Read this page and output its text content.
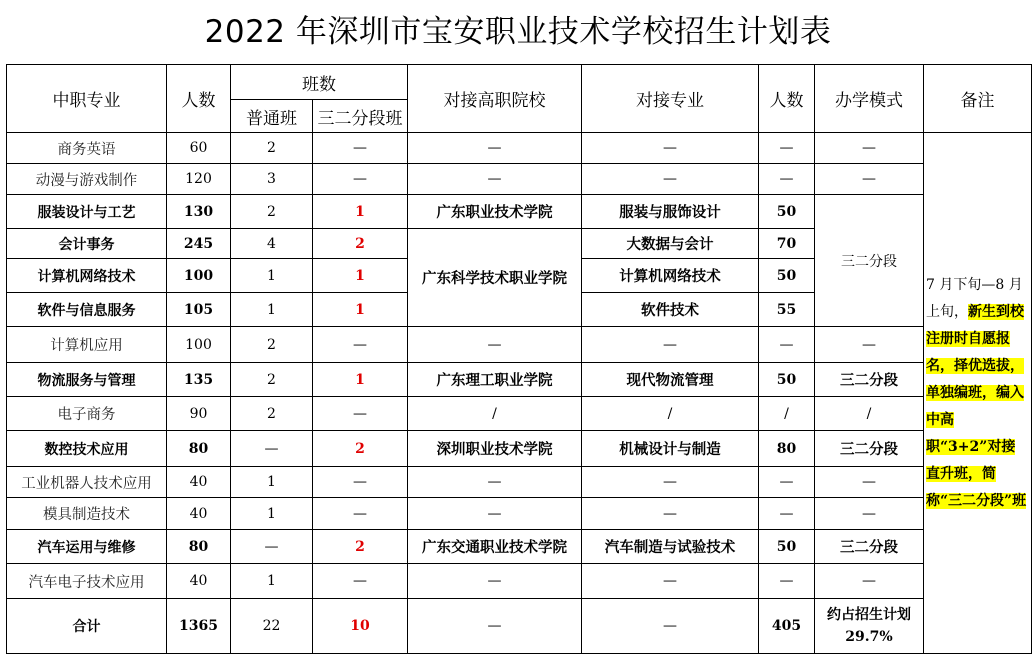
2022 年深圳市宝安职业技术学校招生计划表
中职专业	人数	班数		对接高职院校	对接专业	人数	办学模式	备注
		普通班	三二分段班					
商务英语	60	2	—	—	—	—	—	7 月下旬—8 月上旬，新生到校注册时自愿报名，择优选拔，单独编班，编入中高职“3+2”对接直升班，简称“三二分段”班
动漫与游戏制作	120	3	—	—	—	—	—	
服装设计与工艺	130	2	1	广东职业技术学院	服装与服饰设计	50	三二分段	
会计事务	245	4	2	广东科学技术职业学院	大数据与会计	70		
计算机网络技术	100	1	1		计算机网络技术	50		
软件与信息服务	105	1	1		软件技术	55		
计算机应用	100	2	—	—	—	—	—	
物流服务与管理	135	2	1	广东理工职业学院	现代物流管理	50	三二分段	
电子商务	90	2	—	/	/	/	/	
数控技术应用	80	—	2	深圳职业技术学院	机械设计与制造	80	三二分段	
工业机器人技术应用	40	1	—	—	—	—	—	
模具制造技术	40	1	—	—	—	—	—	
汽车运用与维修	80	—	2	广东交通职业技术学院	汽车制造与试验技术	50	三二分段	
汽车电子技术应用	40	1	—	—	—	—	—	
合计	1365	22	10	—	—	405	约占招生计划29.7%	
